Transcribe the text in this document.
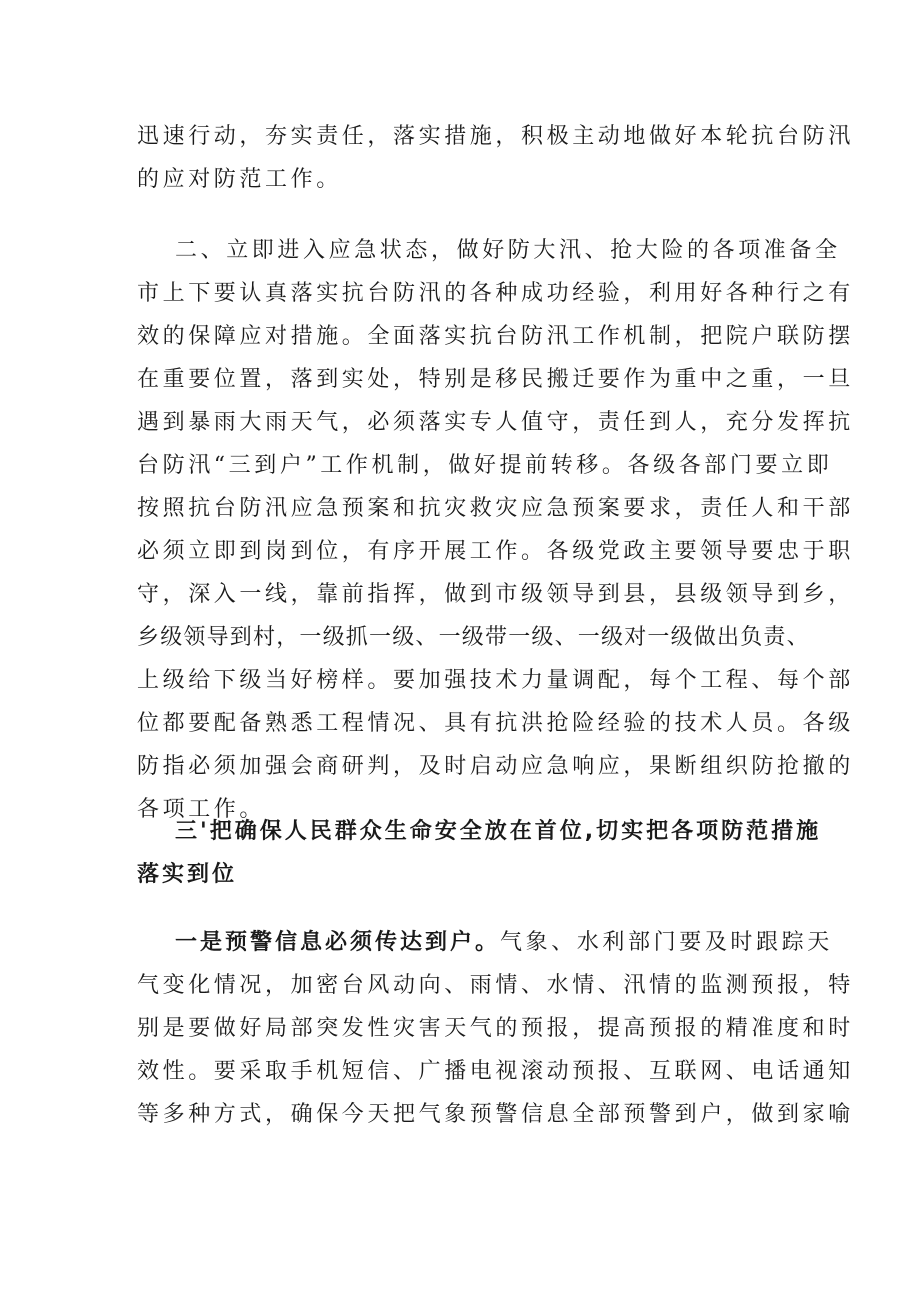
迅速行动，夯实责任，落实措施，积极主动地做好本轮抗台防汛

的应对防范工作。

二、立即进入应急状态，做好防大汛、抢大险的各项准备全

市上下要认真落实抗台防汛的各种成功经验，利用好各种行之有

效的保障应对措施。全面落实抗台防汛工作机制，把院户联防摆

在重要位置，落到实处，特别是移民搬迁要作为重中之重，一旦

遇到暴雨大雨天气，必须落实专人值守，责任到人，充分发挥抗

台防汛“三到户”工作机制，做好提前转移。各级各部门要立即

按照抗台防汛应急预案和抗灾救灾应急预案要求，责任人和干部

必须立即到岗到位，有序开展工作。各级党政主要领导要忠于职

守，深入一线，靠前指挥，做到市级领导到县，县级领导到乡，

乡级领导到村，一级抓一级、一级带一级、一级对一级做出负责、

上级给下级当好榜样。要加强技术力量调配，每个工程、每个部

位都要配备熟悉工程情况、具有抗洪抢险经验的技术人员。各级

防指必须加强会商研判，及时启动应急响应，果断组织防抢撤的

各项工作。

三'把确保人民群众生命安全放在首位,切实把各项防范措施

落实到位

一是预警信息必须传达到户。气象、水利部门要及时跟踪天

气变化情况，加密台风动向、雨情、水情、汛情的监测预报，特

别是要做好局部突发性灾害天气的预报，提高预报的精准度和时

效性。要采取手机短信、广播电视滚动预报、互联网、电话通知

等多种方式，确保今天把气象预警信息全部预警到户，做到家喻
